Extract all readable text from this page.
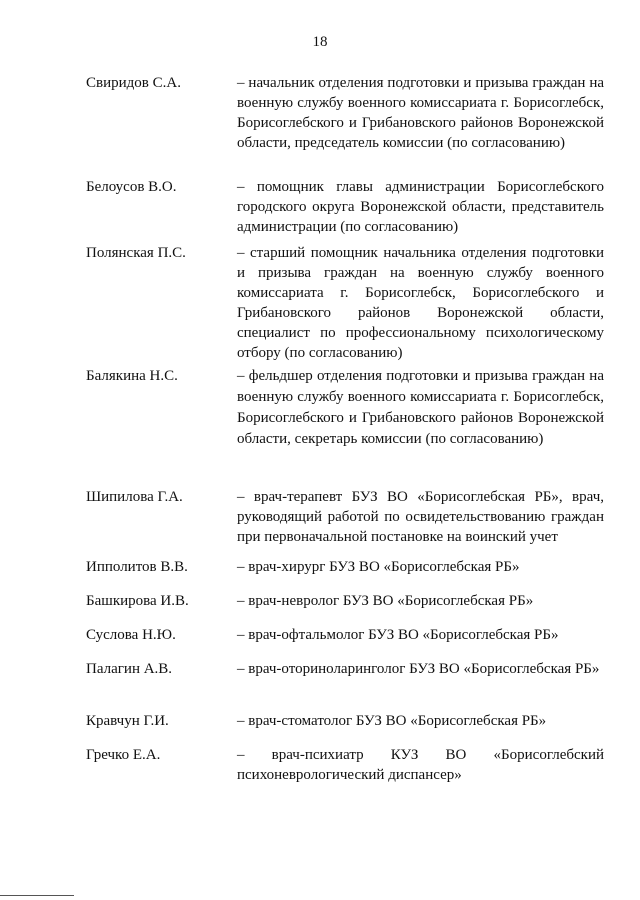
18
Свиридов С.А.	– начальник отделения подготовки и призыва граждан на военную службу военного комиссариата г. Борисоглебск, Борисоглебского и Грибановского районов Воронежской области, председатель комиссии (по согласованию)

Белоусов В.О.	– помощник главы администрации Борисоглебского городского округа Воронежской области, представитель администрации (по согласованию)

Полянская П.С.	– старший помощник начальника отделения подготовки и призыва граждан на военную службу военного комиссариата г. Борисоглебск, Борисоглебского и Грибановского районов Воронежской области, специалист по профессиональному психологическому отбору (по согласованию)

Балякина Н.С.	– фельдшер отделения подготовки и призыва граждан на военную службу военного комиссариата г. Борисоглебск, Борисоглебского и Грибановского районов Воронежской области, секретарь комиссии (по согласованию)

Шипилова Г.А.	– врач-терапевт БУЗ ВО «Борисоглебская РБ», врач, руководящий работой по освидетельствованию граждан при первоначальной постановке на воинский учет

Ипполитов В.В.	– врач-хирург БУЗ ВО «Борисоглебская РБ»

Башкирова И.В.	– врач-невролог БУЗ ВО «Борисоглебская РБ»

Суслова Н.Ю.	– врач-офтальмолог БУЗ ВО «Борисоглебская РБ»

Палагин А.В.	– врач-оториноларинголог БУЗ ВО «Борисоглебская РБ»

Кравчун Г.И.	– врач-стоматолог БУЗ ВО «Борисоглебская РБ»

Гречко Е.А.	– врач-психиатр КУЗ ВО «Борисоглебский психоневрологический диспансер»
